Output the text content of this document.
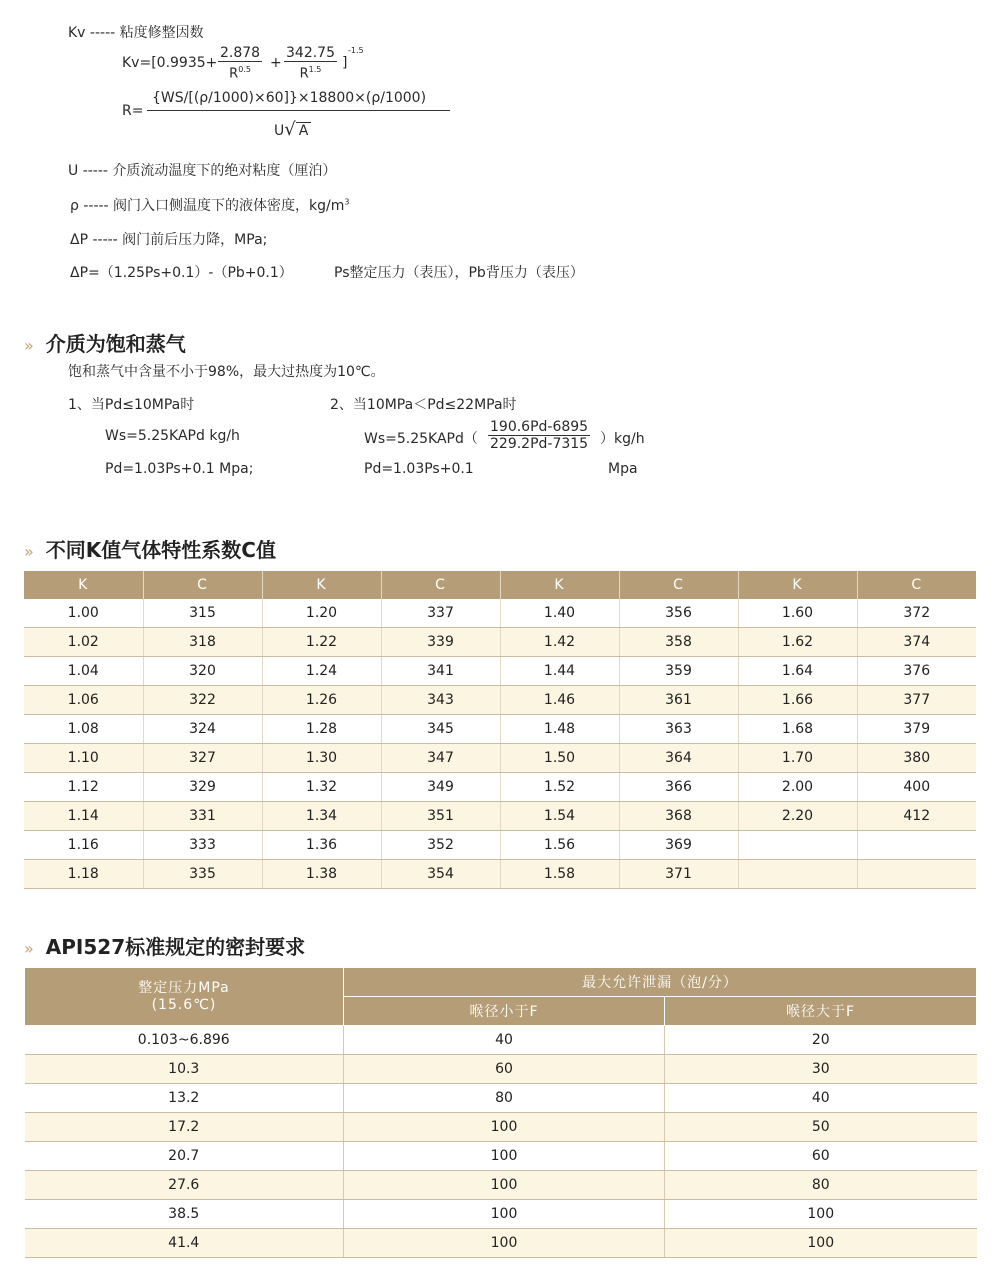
Kv ----- 粘度修整因数
$Kv=[0.9935+ \frac{2.878}{R^{0.5}} + \frac{342.75}{R^{1.5}}$ ]
-1.5
R=
{WS/[(ρ/1000)×60]}×18800×(ρ/1000)
U√ A
U ----- 介质流动温度下的绝对粘度（厘泊）
ρ ----- 阀门入口侧温度下的液体密度，$kg/m^3$
ΔP ----- 阀门前后压力降，MPa;
ΔP=（1.25Ps+0.1）-（Pb+0.1）	Ps整定压力（表压），Pb背压力（表压）
» 介质为饱和蒸气
饱和蒸气中含量不小于98%，最大过热度为10℃。
1、当Pd≤10MPa时
Ws=5.25KAPd kg/h
Pd=1.03Ps+0.1 Mpa;
2、当10MPa＜Pd≤22MPa时
Ws=5.25KAPd（ $\frac{190.6Pd-6895}{229.2Pd-7315} )kg/h$
Pd=1.03Ps+0.1	Mpa
» 不同K值气体特性系数C值
K	C	K	C	K	C	K	C
1.00	315	1.20	337	1.40	356	1.60	372
1.02	318	1.22	339	1.42	358	1.62	374
1.04	320	1.24	341	1.44	359	1.64	376
1.06	322	1.26	343	1.46	361	1.66	377
1.08	324	1.28	345	1.48	363	1.68	379
1.10	327	1.30	347	1.50	364	1.70	380
1.12	329	1.32	349	1.52	366	2.00	400
1.14	331	1.34	351	1.54	368	2.20	412
1.16	333	1.36	352	1.56	369		
1.18	335	1.38	354	1.58	371		
» API527标准规定的密封要求
整定压力MPa
(15.6℃)	最大允许泄漏（泡/分）	
	喉径小于F	喉径大于F
0.103~6.896	40	20
10.3	60	30
13.2	80	40
17.2	100	50
20.7	100	60
27.6	100	80
38.5	100	100
41.4	100	100
